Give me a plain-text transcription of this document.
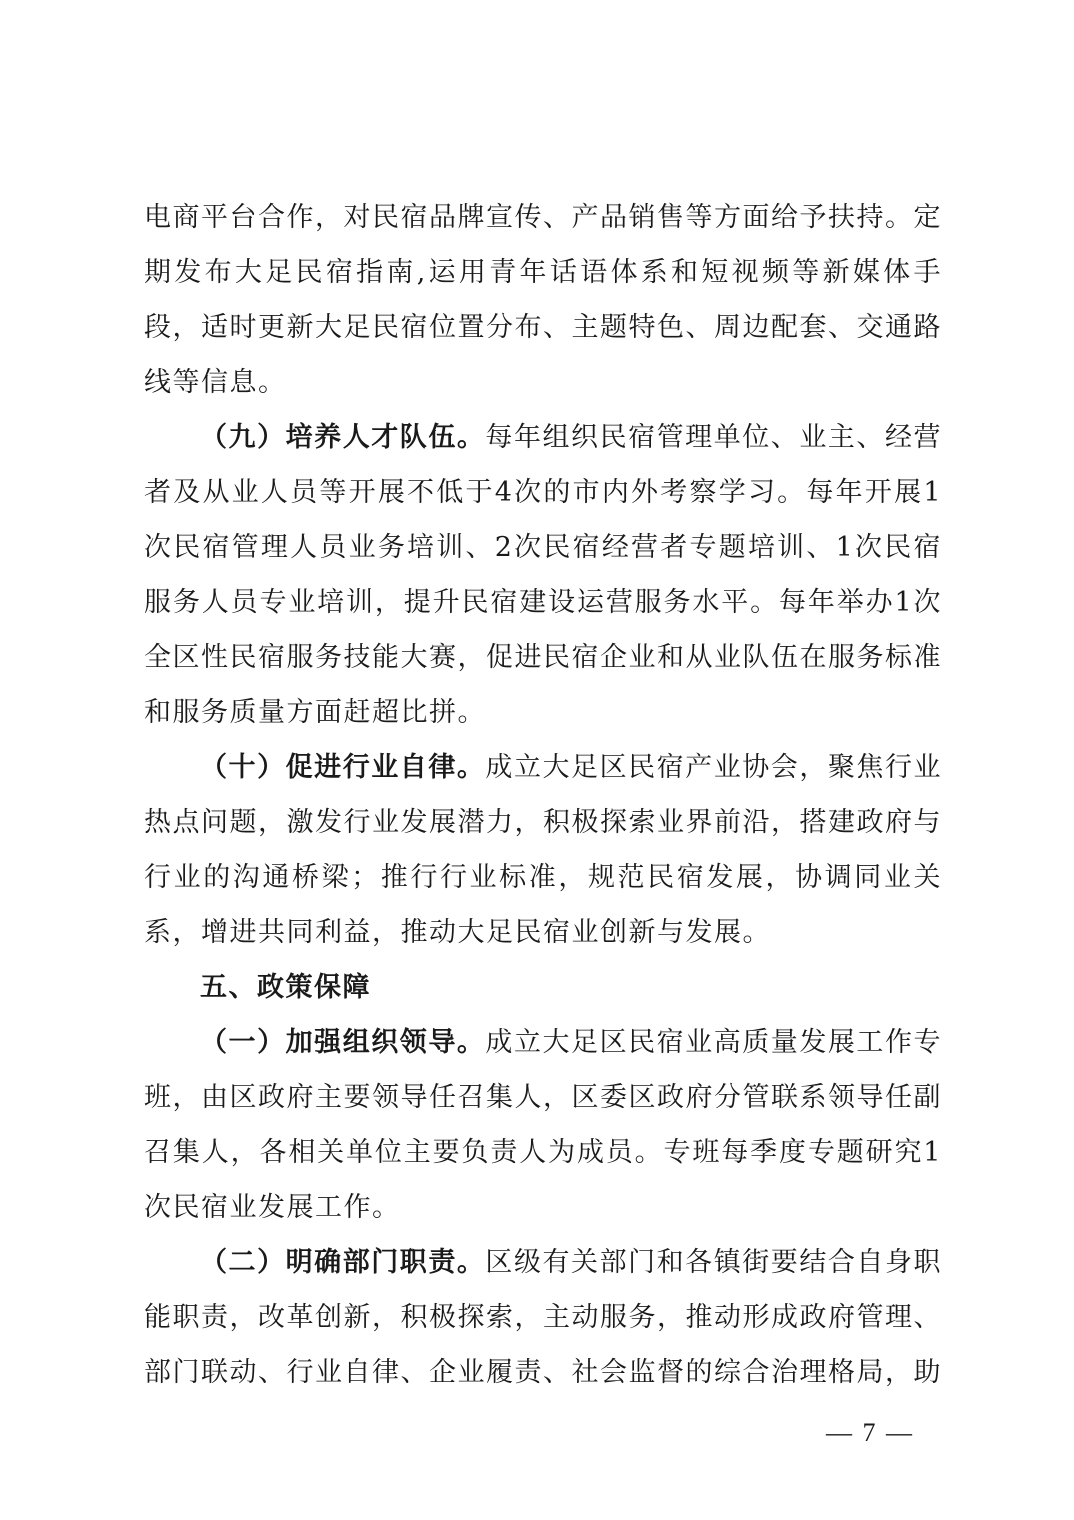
电商平台合作，对民宿品牌宣传、产品销售等方面给予扶持。定期发布大足民宿指南,运用青年话语体系和短视频等新媒体手段，适时更新大足民宿位置分布、主题特色、周边配套、交通路线等信息。

（九）培养人才队伍。每年组织民宿管理单位、业主、经营者及从业人员等开展不低于4次的市内外考察学习。每年开展1次民宿管理人员业务培训、2次民宿经营者专题培训、1次民宿服务人员专业培训，提升民宿建设运营服务水平。每年举办1次全区性民宿服务技能大赛，促进民宿企业和从业队伍在服务标准和服务质量方面赶超比拼。

（十）促进行业自律。成立大足区民宿产业协会，聚焦行业热点问题，激发行业发展潜力，积极探索业界前沿，搭建政府与行业的沟通桥梁；推行行业标准，规范民宿发展，协调同业关系，增进共同利益，推动大足民宿业创新与发展。

五、政策保障

（一）加强组织领导。成立大足区民宿业高质量发展工作专班，由区政府主要领导任召集人，区委区政府分管联系领导任副召集人，各相关单位主要负责人为成员。专班每季度专题研究1次民宿业发展工作。

（二）明确部门职责。区级有关部门和各镇街要结合自身职能职责，改革创新，积极探索，主动服务，推动形成政府管理、部门联动、行业自律、企业履责、社会监督的综合治理格局，助

— 7 —
